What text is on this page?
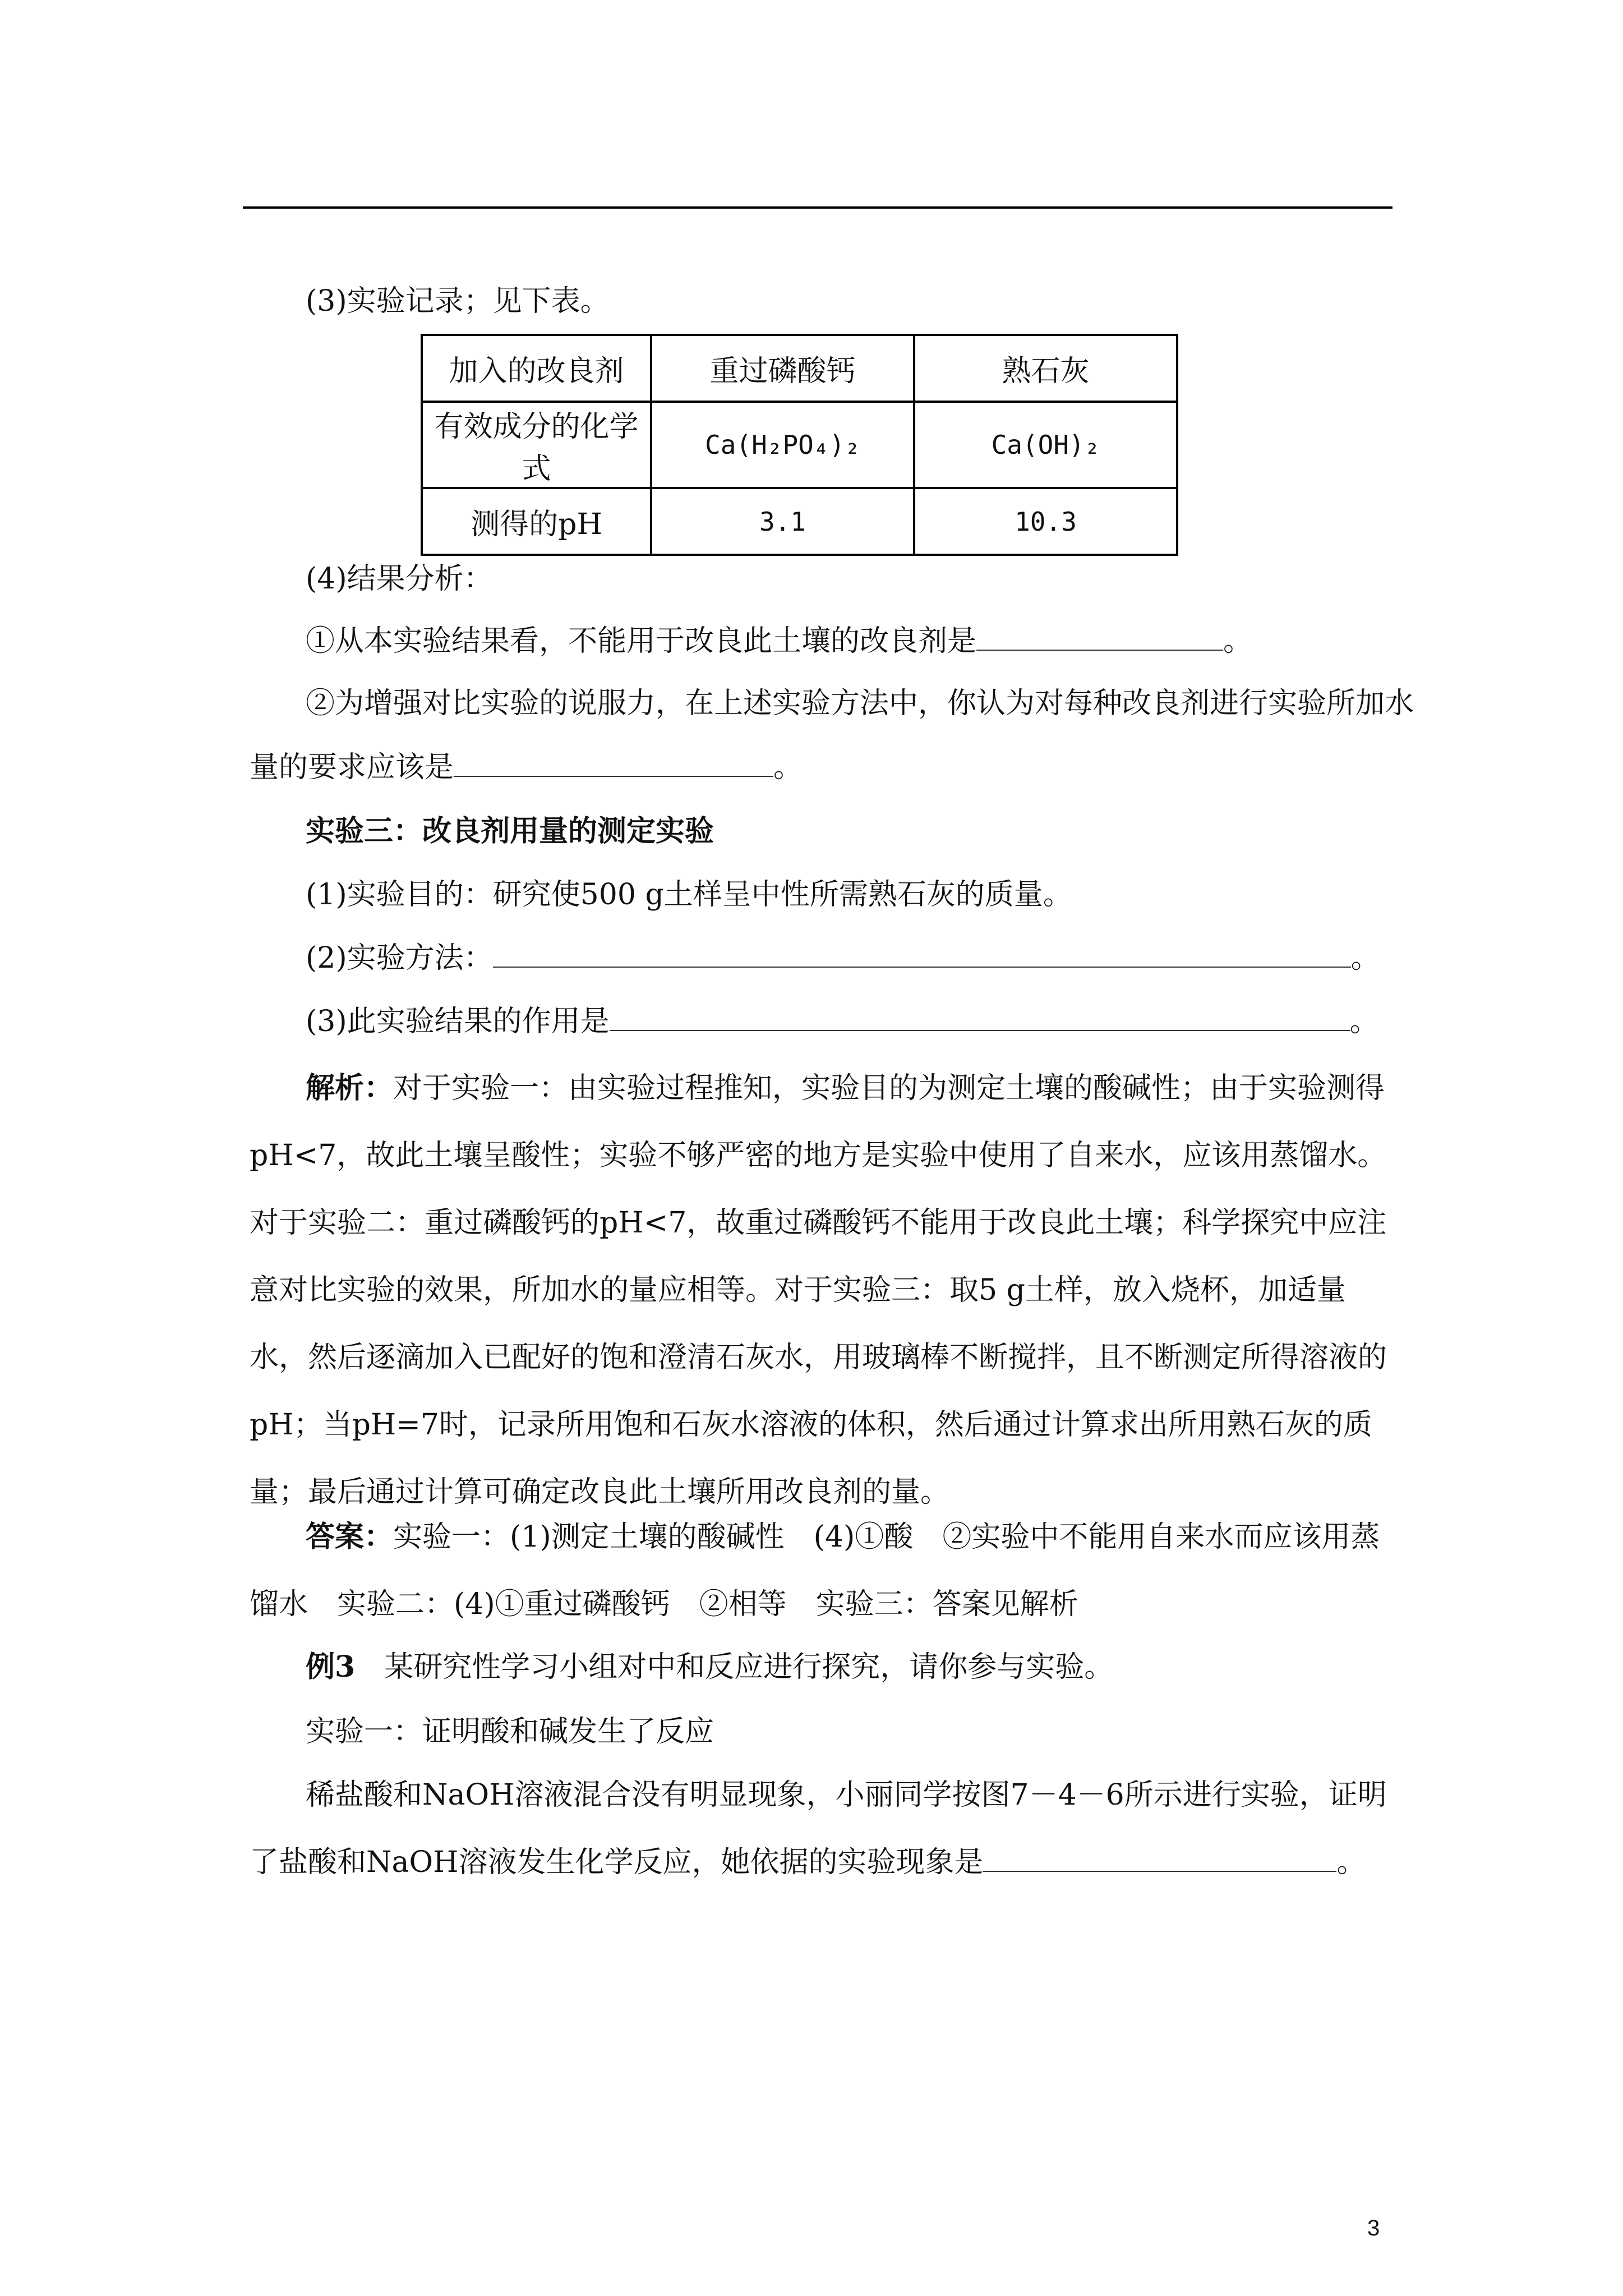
(3)实验记录；见下表。
加入的改良剂	重过磷酸钙	熟石灰
有效成分的化学式	Ca(H₂PO₄)₂	Ca(OH)₂
测得的pH	3.1	10.3
(4)结果分析：
①从本实验结果看，不能用于改良此土壤的改良剂是	。
②为增强对比实验的说服力，在上述实验方法中，你认为对每种改良剂进行实验所加水
量的要求应该是	。
实验三：改良剂用量的测定实验
(1)实验目的：研究使500 g土样呈中性所需熟石灰的质量。
(2)实验方法：	。
(3)此实验结果的作用是	。
解析：对于实验一：由实验过程推知，实验目的为测定土壤的酸碱性；由于实验测得pH<7，故此土壤呈酸性；实验不够严密的地方是实验中使用了自来水，应该用蒸馏水。对于实验二：重过磷酸钙的pH<7，故重过磷酸钙不能用于改良此土壤；科学探究中应注意对比实验的效果，所加水的量应相等。对于实验三：取5 g土样，放入烧杯，加适量水，然后逐滴加入已配好的饱和澄清石灰水，用玻璃棒不断搅拌，且不断测定所得溶液的pH；当pH=7时，记录所用饱和石灰水溶液的体积，然后通过计算求出所用熟石灰的质量；最后通过计算可确定改良此土壤所用改良剂的量。
答案：实验一：(1)测定土壤的酸碱性　(4)①酸　②实验中不能用自来水而应该用蒸馏水　实验二：(4)①重过磷酸钙　②相等　实验三：答案见解析
例3　 某研究性学习小组对中和反应进行探究，请你参与实验。
实验一：证明酸和碱发生了反应
稀盐酸和NaOH溶液混合没有明显现象，小丽同学按图7－4－6所示进行实验，证明了盐酸和NaOH溶液发生化学反应，她依据的实验现象是	。
3
